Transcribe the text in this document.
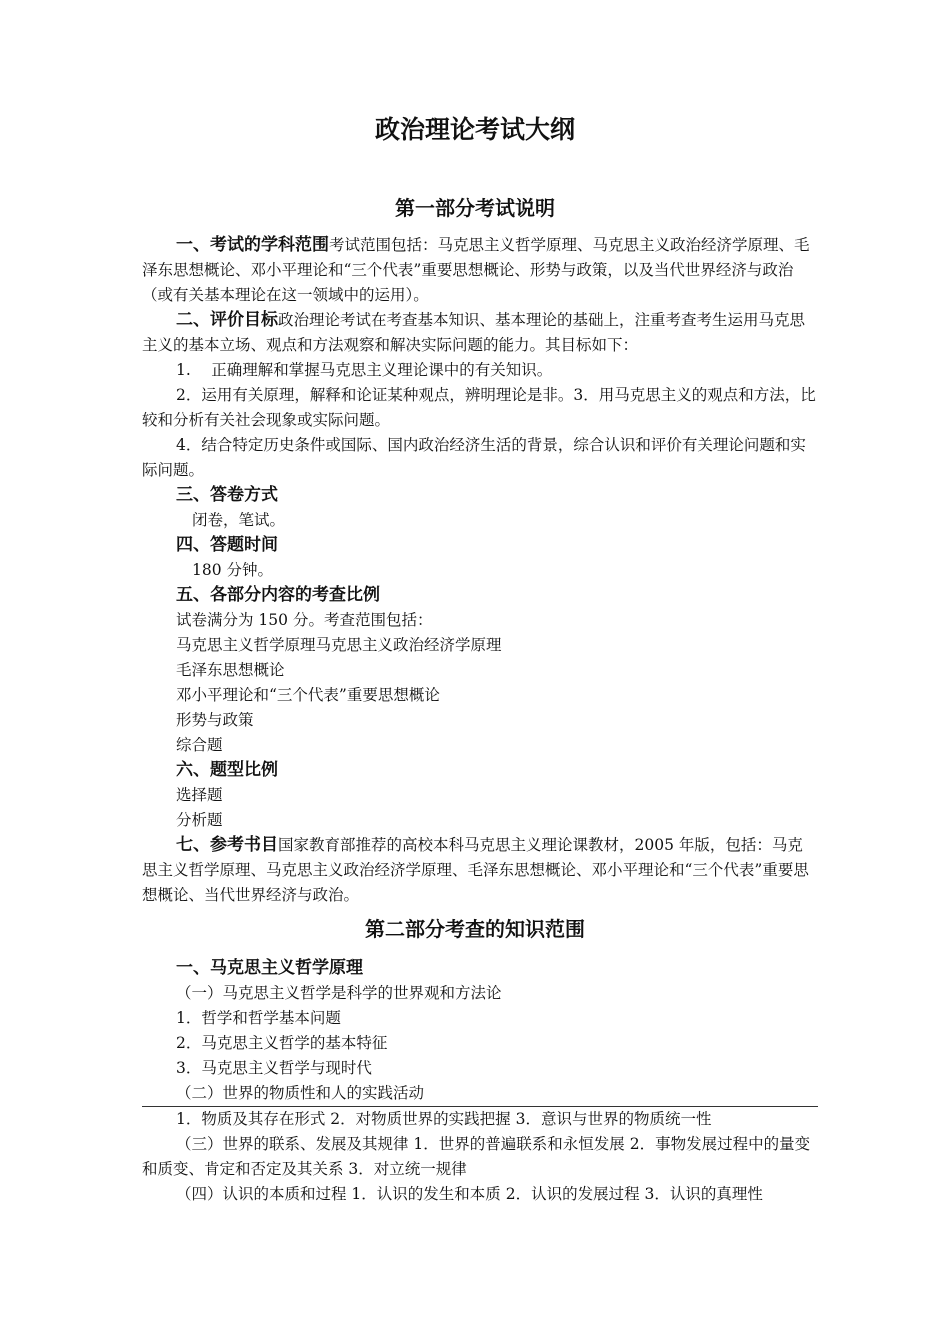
政治理论考试大纲
第一部分考试说明

一、考试的学科范围考试范围包括：马克思主义哲学原理、马克思主义政治经济学原理、毛泽东思想概论、邓小平理论和“三个代表”重要思想概论、形势与政策，以及当代世界经济与政治（或有关基本理论在这一领域中的运用）。

二、评价目标政治理论考试在考查基本知识、基本理论的基础上，注重考查考生运用马克思主义的基本立场、观点和方法观察和解决实际问题的能力。其目标如下：

1.　 正确理解和掌握马克思主义理论课中的有关知识。

2．运用有关原理，解释和论证某种观点，辨明理论是非。3．用马克思主义的观点和方法，比较和分析有关社会现象或实际问题。

4．结合特定历史条件或国际、国内政治经济生活的背景，综合认识和评价有关理论问题和实际问题。

三、答卷方式

闭卷，笔试。

四、答题时间

180 分钟。

五、各部分内容的考查比例

试卷满分为 150 分。考查范围包括：

马克思主义哲学原理马克思主义政治经济学原理

毛泽东思想概论

邓小平理论和“三个代表”重要思想概论

形势与政策

综合题

六、题型比例

选择题

分析题

七、参考书目国家教育部推荐的高校本科马克思主义理论课教材，2005 年版，包括：马克思主义哲学原理、马克思主义政治经济学原理、毛泽东思想概论、邓小平理论和“三个代表”重要思想概论、当代世界经济与政治。

第二部分考查的知识范围

一、马克思主义哲学原理

（一）马克思主义哲学是科学的世界观和方法论

1．哲学和哲学基本问题

2．马克思主义哲学的基本特征

3．马克思主义哲学与现时代

（二）世界的物质性和人的实践活动

1．物质及其存在形式 2．对物质世界的实践把握 3．意识与世界的物质统一性

（三）世界的联系、发展及其规律 1．世界的普遍联系和永恒发展 2．事物发展过程中的量变和质变、肯定和否定及其关系 3．对立统一规律

（四）认识的本质和过程 1．认识的发生和本质 2．认识的发展过程 3．认识的真理性
